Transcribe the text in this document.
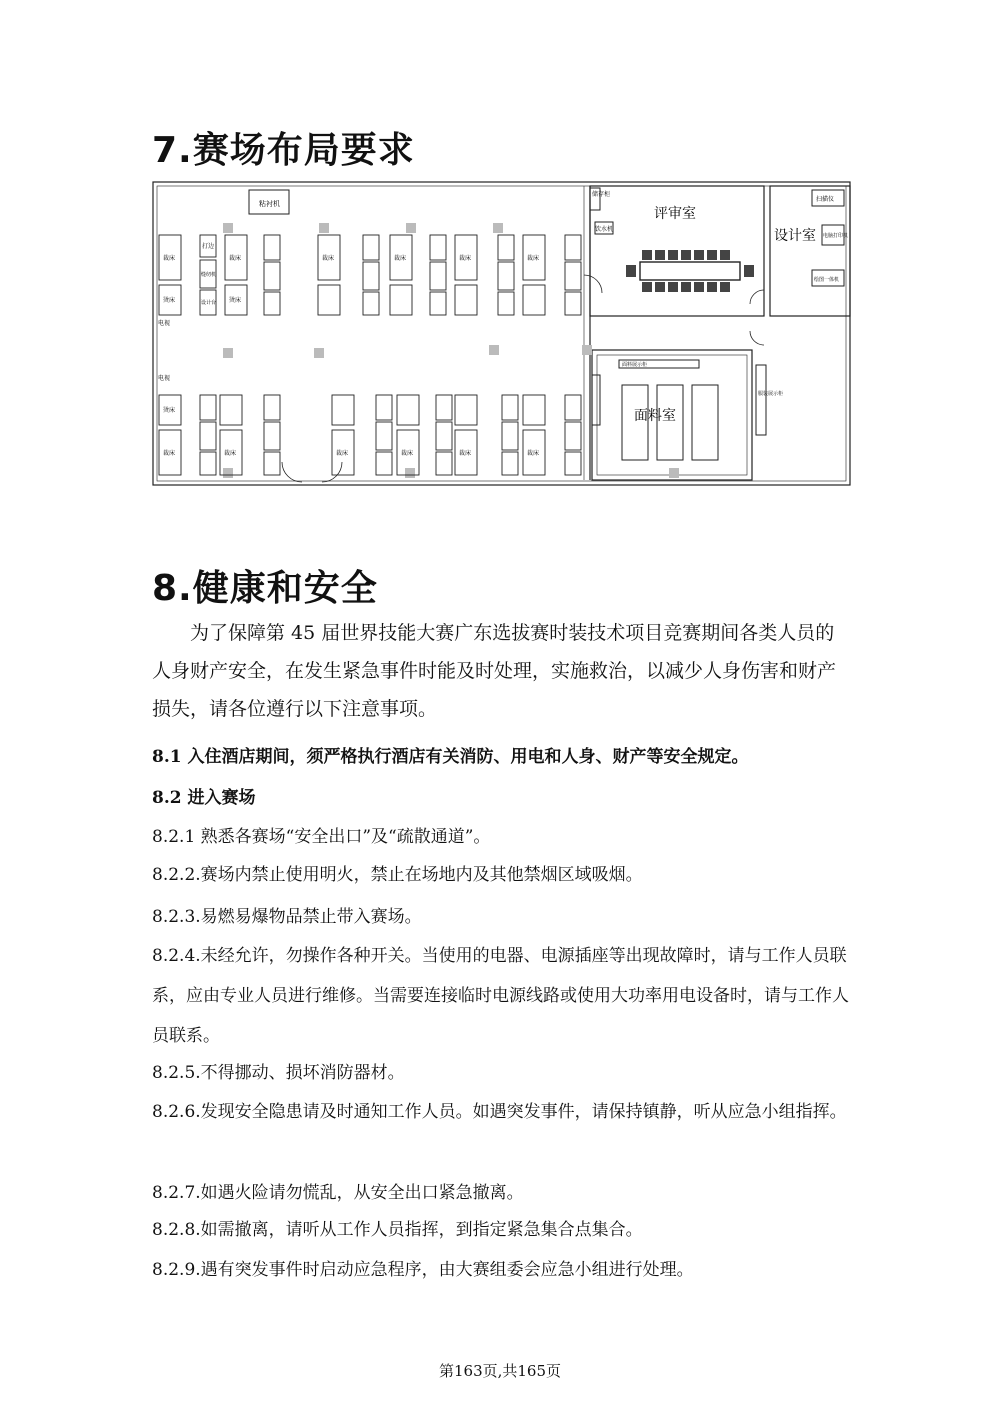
7.赛场布局要求
粘衬机
储存柜
饮水机
扫描仪
电脑打印机
绘图一体机
面料展示柜
服装展示柜
电视
电视
评审室
设计室
面料室
裁床
烫床
打边
缝纫机
设计台
裁床
烫床
裁床	裁床	裁床	裁床
裁床
烫床
裁床	裁床	裁床	裁床	裁床
8.健康和安全
为了保障第 45 届世界技能大赛广东选拔赛时装技术项目竞赛期间各类人员的人身财产安全，在发生紧急事件时能及时处理，实施救治，以减少人身伤害和财产损失，请各位遵行以下注意事项。
8.1 入住酒店期间，须严格执行酒店有关消防、用电和人身、财产等安全规定。
8.2 进入赛场
8.2.1 熟悉各赛场“安全出口”及“疏散通道”。
8.2.2.赛场内禁止使用明火，禁止在场地内及其他禁烟区域吸烟。
8.2.3.易燃易爆物品禁止带入赛场。
8.2.4.未经允许，勿操作各种开关。当使用的电器、电源插座等出现故障时，请与工作人员联系，应由专业人员进行维修。当需要连接临时电源线路或使用大功率用电设备时，请与工作人员联系。
8.2.5.不得挪动、损坏消防器材。
8.2.6.发现安全隐患请及时通知工作人员。如遇突发事件，请保持镇静，听从应急小组指挥。
8.2.7.如遇火险请勿慌乱，从安全出口紧急撤离。
8.2.8.如需撤离，请听从工作人员指挥，到指定紧急集合点集合。
8.2.9.遇有突发事件时启动应急程序，由大赛组委会应急小组进行处理。
第163页,共165页
